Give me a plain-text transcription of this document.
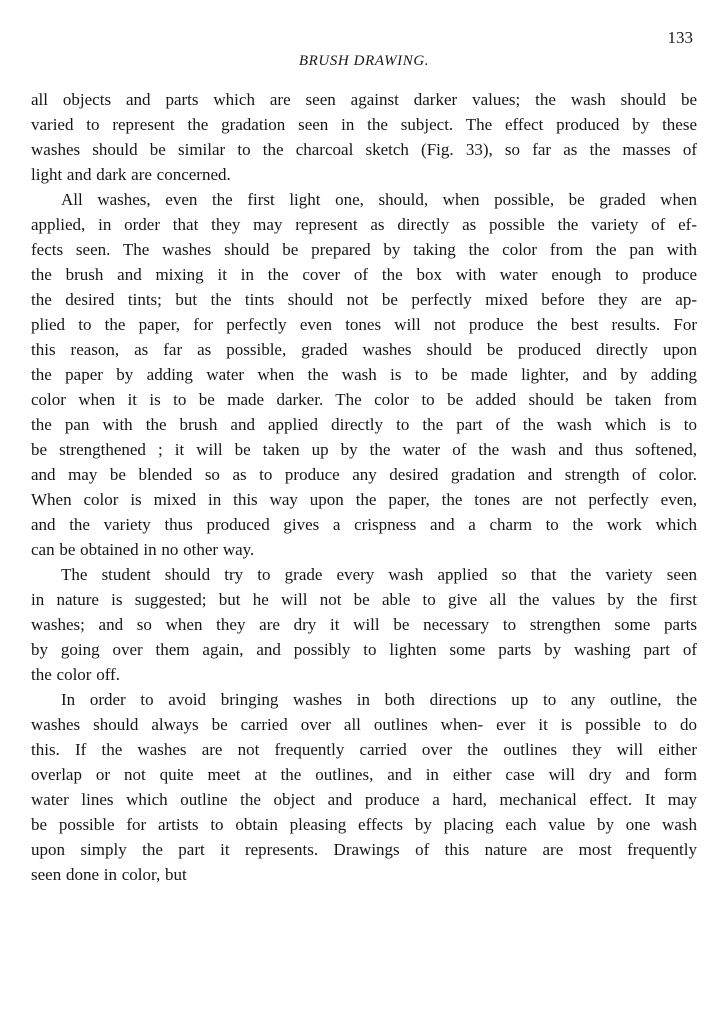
133
BRUSH DRAWING.
all objects and parts which are seen against darker values; the wash should be
varied to represent the gradation seen in the subject. The effect produced by these
washes should be similar to the charcoal sketch (Fig. 33), so far as the masses of
light and dark are concerned.
All washes, even the first light one, should, when possible, be graded when
applied, in order that they may represent as directly as possible the variety of ef-
fects seen. The washes should be prepared by taking the color from the pan with
the brush and mixing it in the cover of the box with water enough to produce
the desired tints; but the tints should not be perfectly mixed before they are ap-
plied to the paper, for perfectly even tones will not produce the best results. For
this reason, as far as possible, graded washes should be produced directly upon
the paper by adding water when the wash is to be made lighter, and by adding
color when it is to be made darker. The color to be added should be taken from
the pan with the brush and applied directly to the part of the wash which is to
be strengthened ; it will be taken up by the water of the wash and thus softened,
and may be blended so as to produce any desired gradation and strength of color.
When color is mixed in this way upon the paper, the tones are not perfectly even,
and the variety thus produced gives a crispness and a charm to the work which
can be obtained in no other way.
The student should try to grade every wash applied so that the variety seen
in nature is suggested; but he will not be able to give all the values by the first
washes; and so when they are dry it will be necessary to strengthen some parts
by going over them again, and possibly to lighten some parts by washing part of
the color off.
In order to avoid bringing washes in both directions up to any outline, the
washes should always be carried over all outlines when- ever it is possible to do
this. If the washes are not frequently carried over the outlines they will either
overlap or not quite meet at the outlines, and in either case will dry and form
water lines which outline the object and produce a hard, mechanical effect. It may
be possible for artists to obtain pleasing effects by placing each value by one wash
upon simply the part it represents. Drawings of this nature are most frequently
seen done in color, but
